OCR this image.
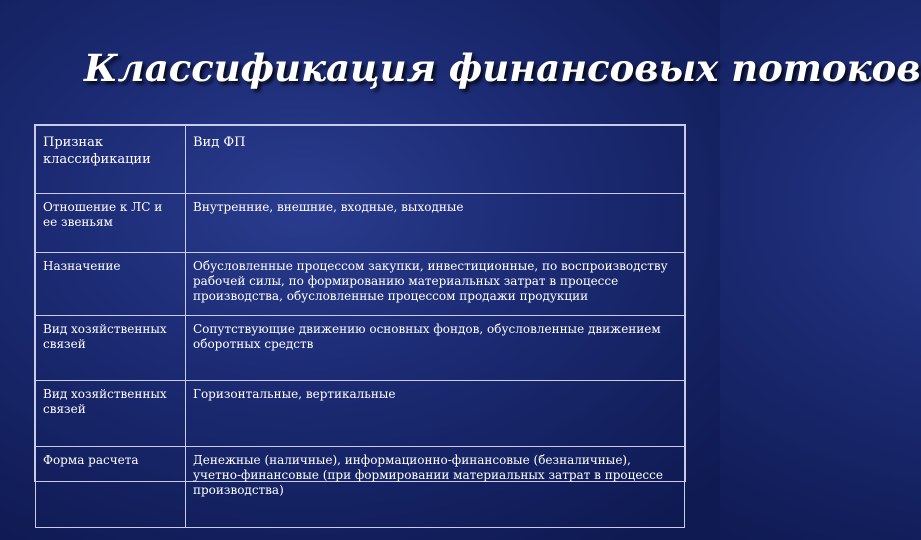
Классификация финансовых потоков
Признак классификации	Вид ФП
Отношение к ЛС и ее звеньям	Внутренние, внешние, входные, выходные
Назначение	Обусловленные процессом закупки, инвестиционные, по воспроизводству рабочей силы, по формированию материальных затрат в процессе производства, обусловленные процессом продажи продукции
Вид хозяйственных связей	Сопутствующие движению основных фондов, обусловленные движением оборотных средств
Вид хозяйственных связей	Горизонтальные, вертикальные
Форма расчета	Денежные (наличные), информационно-финансовые (безналичные), учетно-финансовые (при формировании материальных затрат в процессе производства)
